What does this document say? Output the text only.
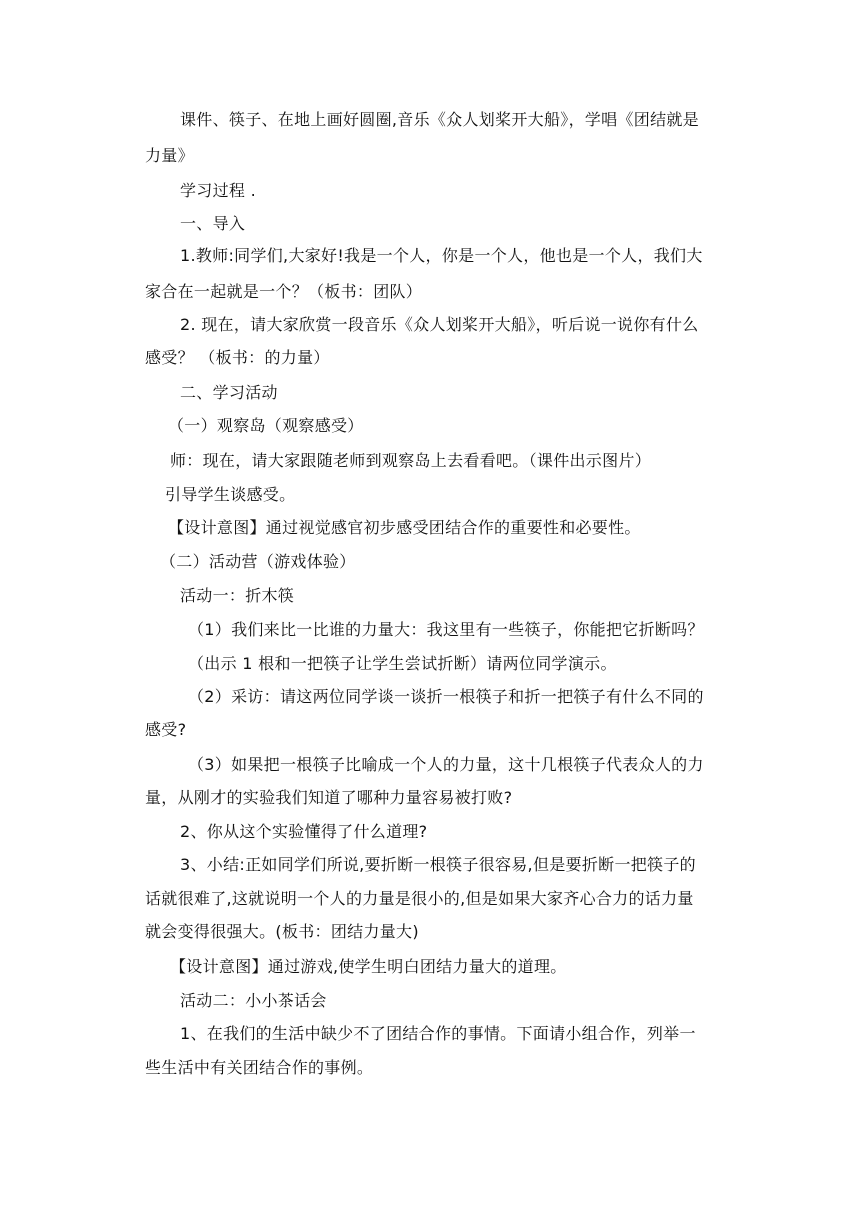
课件、筷子、在地上画好圆圈,音乐《众人划桨开大船》，学唱《团结就是
力量》
学习过程 .
一、导入
1.教师:同学们,大家好!我是一个人，你是一个人，他也是一个人，我们大
家合在一起就是一个？（板书：团队）
2. 现在，请大家欣赏一段音乐《众人划桨开大船》，听后说一说你有什么
感受？ （板书：的力量）
二、学习活动
（一）观察岛（观察感受）
师：现在，请大家跟随老师到观察岛上去看看吧。（课件出示图片）
引导学生谈感受。
【设计意图】通过视觉感官初步感受团结合作的重要性和必要性。
（二）活动营（游戏体验）
活动一：折木筷
（1）我们来比一比谁的力量大：我这里有一些筷子，你能把它折断吗？
（出示 1 根和一把筷子让学生尝试折断）请两位同学演示。
（2）采访：请这两位同学谈一谈折一根筷子和折一把筷子有什么不同的
感受?
（3）如果把一根筷子比喻成一个人的力量，这十几根筷子代表众人的力
量，从刚才的实验我们知道了哪种力量容易被打败?
2、你从这个实验懂得了什么道理?
3、小结:正如同学们所说,要折断一根筷子很容易,但是要折断一把筷子的
话就很难了,这就说明一个人的力量是很小的,但是如果大家齐心合力的话力量
就会变得很强大。(板书：团结力量大)
【设计意图】通过游戏,使学生明白团结力量大的道理。
活动二：小小茶话会
1、在我们的生活中缺少不了团结合作的事情。下面请小组合作，列举一
些生活中有关团结合作的事例。
